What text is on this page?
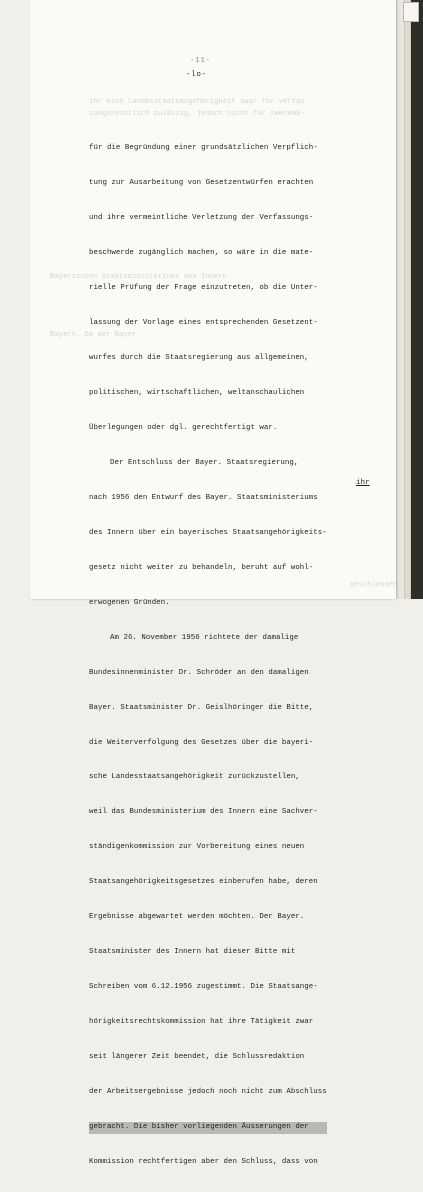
ihr eine Landesstaatsangehörigkeit zwar für verfas-
sungsrechtlich zulässig, jedoch nicht für zweckmä-
Bayerischen Staatsministeriums des Innern
Bayern. Da der Bayer.
geschlossen
-11-
-lo-

für die Begründung einer grundsätzlichen Verpflich-

tung zur Ausarbeitung von Gesetzentwürfen erachten

und ihre vermeintliche Verletzung der Verfassungs-

beschwerde zugänglich machen, so wäre in die mate-

rielle Prüfung der Frage einzutreten, ob die Unter-

lassung der Vorlage eines entsprechenden Gesetzent-

wurfes durch die Staatsregierung aus allgemeinen,

politischen, wirtschaftlichen, weltanschaulichen

Überlegungen oder dgl. gerechtfertigt war.

Der Entschluss der Bayer. Staatsregierung,

nach 1956 den Entwurf des Bayer. Staatsministeriums

des Innern über ein bayerisches Staatsangehörigkeits-

gesetz nicht weiter zu behandeln, beruht auf wohl-

erwogenen Gründen.

Am 26. November 1956 richtete der damalige

Bundesinnenminister Dr. Schröder an den damaligen

Bayer. Staatsminister Dr. Geislhöringer die Bitte,

die Weiterverfolgung des Gesetzes über die bayeri-

sche Landesstaatsangehörigkeit zurückzustellen,

weil das Bundesministerium des Innern eine Sachver-

ständigenkommission zur Vorbereitung eines neuen

Staatsangehörigkeitsgesetzes einberufen habe, deren

Ergebnisse abgewartet werden möchten. Der Bayer.

Staatsminister des Innern hat dieser Bitte mit

Schreiben vom 6.12.1956 zugestimmt. Die Staatsange-

hörigkeitsrechtskommission hat ihre Tätigkeit zwar

seit längerer Zeit beendet, die Schlussredaktion

der Arbeitsergebnisse jedoch noch nicht zum Abschluss

gebracht. Die bisher vorliegenden Äusserungen der

Kommission rechtfertigen aber den Schluss, dass von

ihr
